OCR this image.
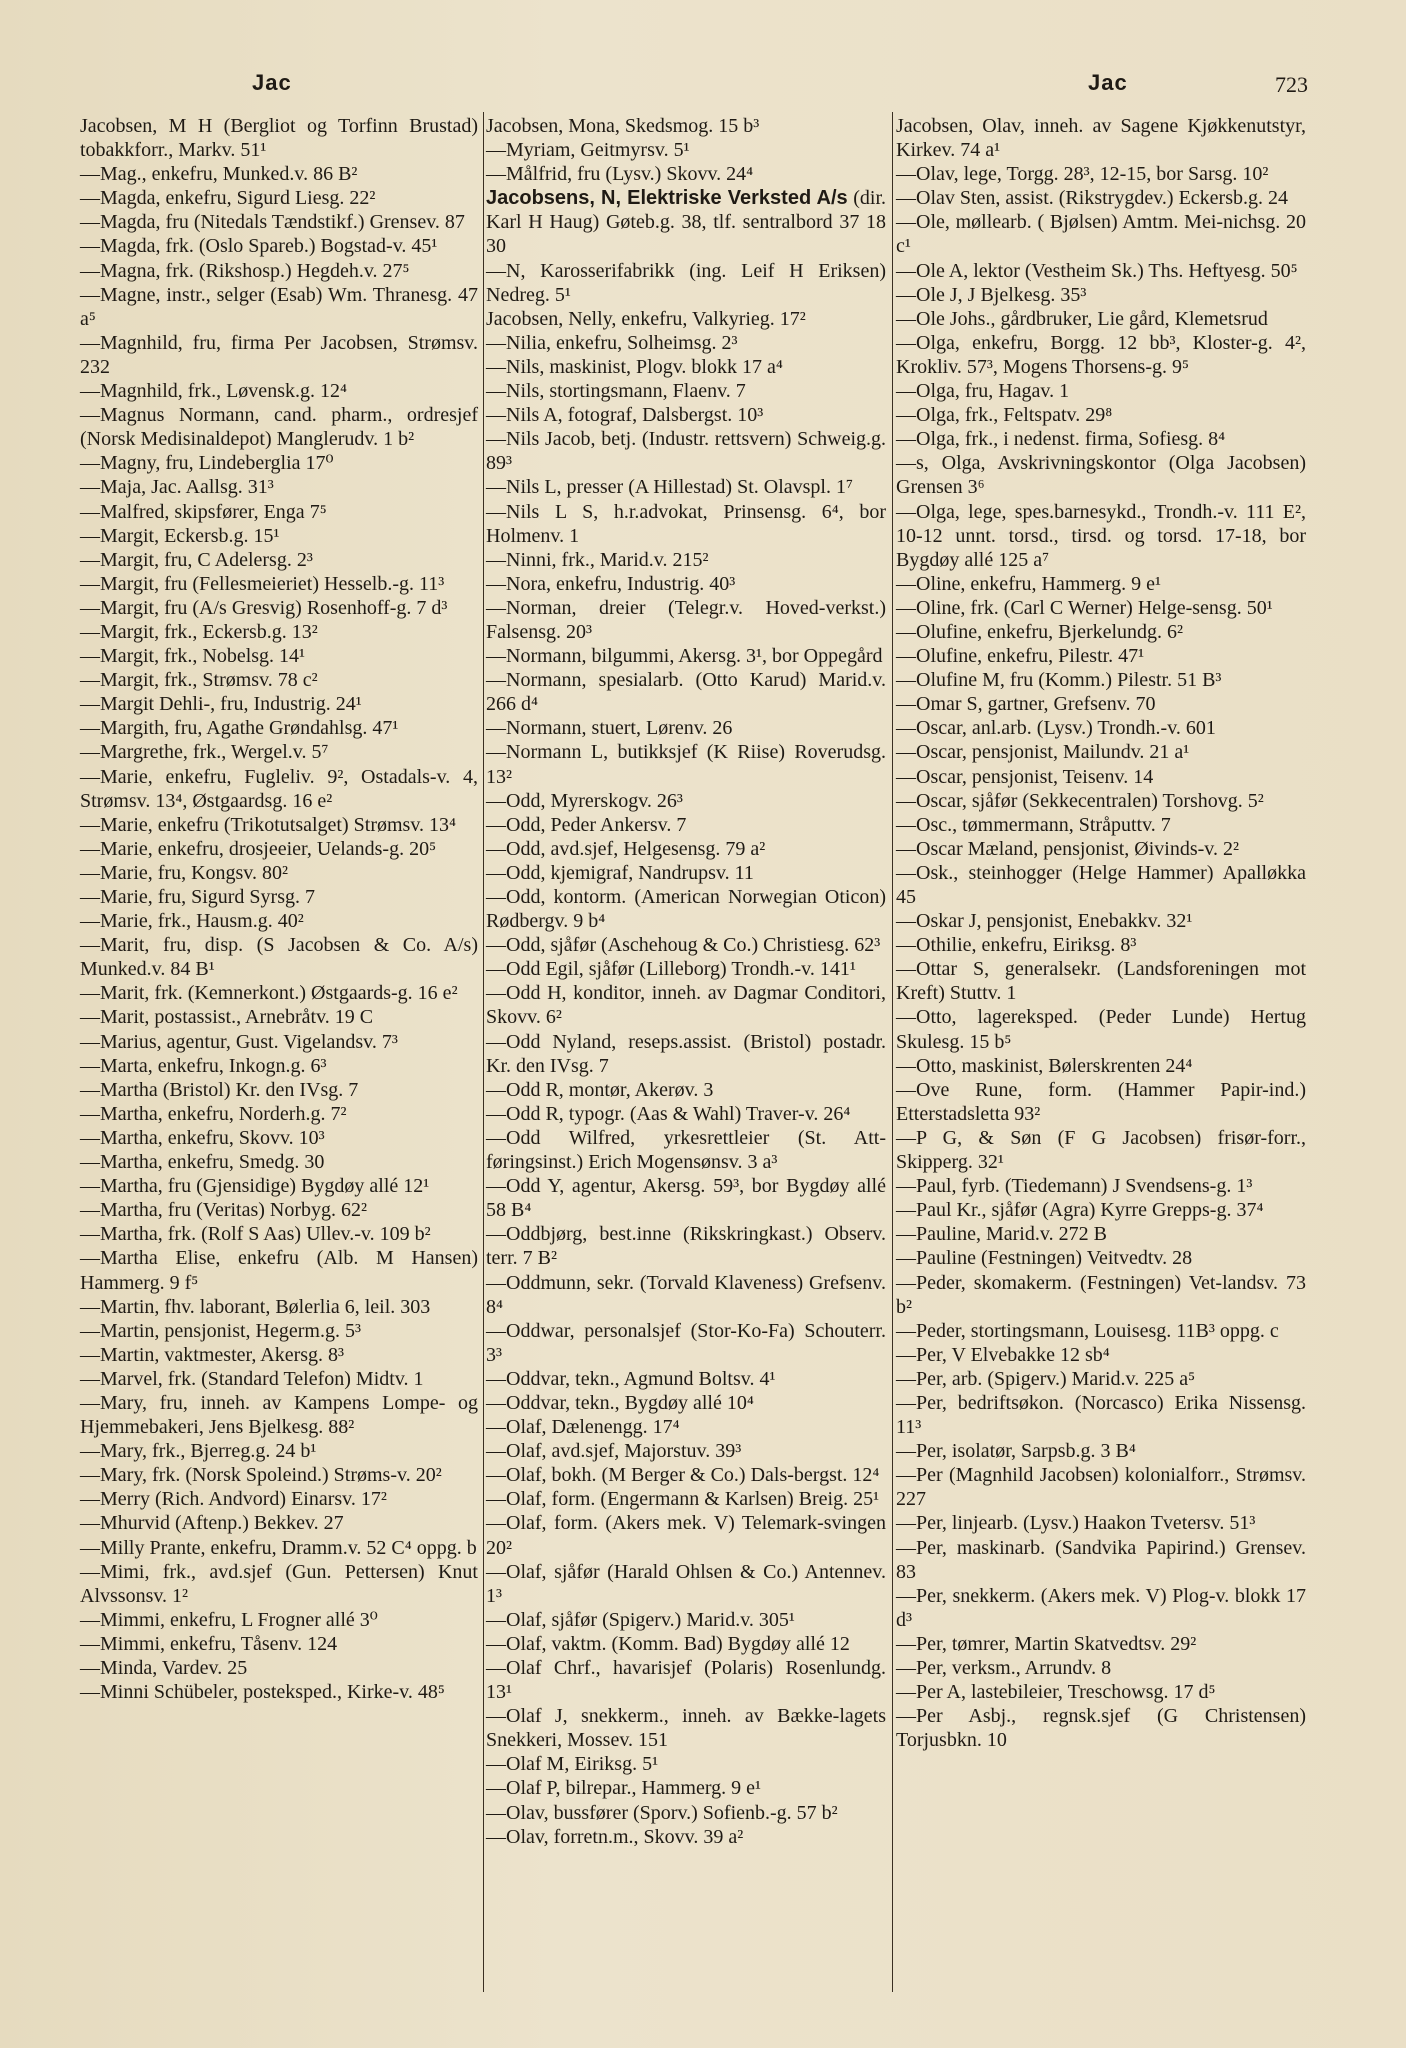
Jac	Jac	723

Jacobsen, M H (Bergliot og Torfinn Brustad) tobakkforr., Markv. 51¹

—Mag., enkefru, Munked.v. 86 B²

—Magda, enkefru, Sigurd Liesg. 22²

—Magda, fru (Nitedals Tændstikf.) Grensev. 87

—Magda, frk. (Oslo Spareb.) Bogstad-v. 45¹

—Magna, frk. (Rikshosp.) Hegdeh.v. 27⁵

—Magne, instr., selger (Esab) Wm. Thranesg. 47 a⁵

—Magnhild, fru, firma Per Jacobsen, Strømsv. 232

—Magnhild, frk., Løvensk.g. 12⁴

—Magnus Normann, cand. pharm., ordresjef (Norsk Medisinaldepot) Manglerudv. 1 b²

—Magny, fru, Lindeberglia 17⁰

—Maja, Jac. Aallsg. 31³

—Malfred, skipsfører, Enga 7⁵

—Margit, Eckersb.g. 15¹

—Margit, fru, C Adelersg. 2³

—Margit, fru (Fellesmeieriet) Hesselb.-g. 11³

—Margit, fru (A/s Gresvig) Rosenhoff-g. 7 d³

—Margit, frk., Eckersb.g. 13²

—Margit, frk., Nobelsg. 14¹

—Margit, frk., Strømsv. 78 c²

—Margit Dehli-, fru, Industrig. 24¹

—Margith, fru, Agathe Grøndahlsg. 47¹

—Margrethe, frk., Wergel.v. 5⁷

—Marie, enkefru, Fugleliv. 9², Ostadals-v. 4, Strømsv. 13⁴, Østgaardsg. 16 e²

—Marie, enkefru (Trikotutsalget) Strømsv. 13⁴

—Marie, enkefru, drosjeeier, Uelands-g. 20⁵

—Marie, fru, Kongsv. 80²

—Marie, fru, Sigurd Syrsg. 7

—Marie, frk., Hausm.g. 40²

—Marit, fru, disp. (S Jacobsen & Co. A/s) Munked.v. 84 B¹

—Marit, frk. (Kemnerkont.) Østgaards-g. 16 e²

—Marit, postassist., Arnebråtv. 19 C

—Marius, agentur, Gust. Vigelandsv. 7³

—Marta, enkefru, Inkogn.g. 6³

—Martha (Bristol) Kr. den IVsg. 7

—Martha, enkefru, Norderh.g. 7²

—Martha, enkefru, Skovv. 10³

—Martha, enkefru, Smedg. 30

—Martha, fru (Gjensidige) Bygdøy allé 12¹

—Martha, fru (Veritas) Norbyg. 62²

—Martha, frk. (Rolf S Aas) Ullev.-v. 109 b²

—Martha Elise, enkefru (Alb. M Hansen) Hammerg. 9 f⁵

—Martin, fhv. laborant, Bølerlia 6, leil. 303

—Martin, pensjonist, Hegerm.g. 5³

—Martin, vaktmester, Akersg. 8³

—Marvel, frk. (Standard Telefon) Midtv. 1

—Mary, fru, inneh. av Kampens Lompe- og Hjemmebakeri, Jens Bjelkesg. 88²

—Mary, frk., Bjerreg.g. 24 b¹

—Mary, frk. (Norsk Spoleind.) Strøms-v. 20²

—Merry (Rich. Andvord) Einarsv. 17²

—Mhurvid (Aftenp.) Bekkev. 27

—Milly Prante, enkefru, Dramm.v. 52 C⁴ oppg. b

—Mimi, frk., avd.sjef (Gun. Pettersen) Knut Alvssonsv. 1²

—Mimmi, enkefru, L Frogner allé 3⁰

—Mimmi, enkefru, Tåsenv. 124

—Minda, Vardev. 25

—Minni Schübeler, posteksped., Kirke-v. 48⁵

Jacobsen, Mona, Skedsmog. 15 b³

—Myriam, Geitmyrsv. 5¹

—Målfrid, fru (Lysv.) Skovv. 24⁴

Jacobsens, N, Elektriske Verksted A/s (dir. Karl H Haug) Gøteb.g. 38, tlf. sentralbord 37 18 30

—N, Karosserifabrikk (ing. Leif H Eriksen) Nedreg. 5¹

Jacobsen, Nelly, enkefru, Valkyrieg. 17²

—Nilia, enkefru, Solheimsg. 2³

—Nils, maskinist, Plogv. blokk 17 a⁴

—Nils, stortingsmann, Flaenv. 7

—Nils A, fotograf, Dalsbergst. 10³

—Nils Jacob, betj. (Industr. rettsvern) Schweig.g. 89³

—Nils L, presser (A Hillestad) St. Olavspl. 1⁷

—Nils L S, h.r.advokat, Prinsensg. 6⁴, bor Holmenv. 1

—Ninni, frk., Marid.v. 215²

—Nora, enkefru, Industrig. 40³

—Norman, dreier (Telegr.v. Hoved-verkst.) Falsensg. 20³

—Normann, bilgummi, Akersg. 3¹, bor Oppegård

—Normann, spesialarb. (Otto Karud) Marid.v. 266 d⁴

—Normann, stuert, Lørenv. 26

—Normann L, butikksjef (K Riise) Roverudsg. 13²

—Odd, Myrerskogv. 26³

—Odd, Peder Ankersv. 7

—Odd, avd.sjef, Helgesensg. 79 a²

—Odd, kjemigraf, Nandrupsv. 11

—Odd, kontorm. (American Norwegian Oticon) Rødbergv. 9 b⁴

—Odd, sjåfør (Aschehoug & Co.) Christiesg. 62³

—Odd Egil, sjåfør (Lilleborg) Trondh.-v. 141¹

—Odd H, konditor, inneh. av Dagmar Conditori, Skovv. 6²

—Odd Nyland, reseps.assist. (Bristol) postadr. Kr. den IVsg. 7

—Odd R, montør, Akerøv. 3

—Odd R, typogr. (Aas & Wahl) Traver-v. 26⁴

—Odd Wilfred, yrkesrettleier (St. Att-føringsinst.) Erich Mogensønsv. 3 a³

—Odd Y, agentur, Akersg. 59³, bor Bygdøy allé 58 B⁴

—Oddbjørg, best.inne (Rikskringkast.) Observ. terr. 7 B²

—Oddmunn, sekr. (Torvald Klaveness) Grefsenv. 8⁴

—Oddwar, personalsjef (Stor-Ko-Fa) Schouterr. 3³

—Oddvar, tekn., Agmund Boltsv. 4¹

—Oddvar, tekn., Bygdøy allé 10⁴

—Olaf, Dælenengg. 17⁴

—Olaf, avd.sjef, Majorstuv. 39³

—Olaf, bokh. (M Berger & Co.) Dals-bergst. 12⁴

—Olaf, form. (Engermann & Karlsen) Breig. 25¹

—Olaf, form. (Akers mek. V) Telemark-svingen 20²

—Olaf, sjåfør (Harald Ohlsen & Co.) Antennev. 1³

—Olaf, sjåfør (Spigerv.) Marid.v. 305¹

—Olaf, vaktm. (Komm. Bad) Bygdøy allé 12

—Olaf Chrf., havarisjef (Polaris) Rosenlundg. 13¹

—Olaf J, snekkerm., inneh. av Bække-lagets Snekkeri, Mossev. 151

—Olaf M, Eiriksg. 5¹

—Olaf P, bilrepar., Hammerg. 9 e¹

—Olav, bussfører (Sporv.) Sofienb.-g. 57 b²

—Olav, forretn.m., Skovv. 39 a²

Jacobsen, Olav, inneh. av Sagene Kjøkkenutstyr, Kirkev. 74 a¹

—Olav, lege, Torgg. 28³, 12-15, bor Sarsg. 10²

—Olav Sten, assist. (Rikstrygdev.) Eckersb.g. 24

—Ole, møllearb. ( Bjølsen) Amtm. Mei-nichsg. 20 c¹

—Ole A, lektor (Vestheim Sk.) Ths. Heftyesg. 50⁵

—Ole J, J Bjelkesg. 35³

—Ole Johs., gårdbruker, Lie gård, Klemetsrud

—Olga, enkefru, Borgg. 12 bb³, Kloster-g. 4², Krokliv. 57³, Mogens Thorsens-g. 9⁵

—Olga, fru, Hagav. 1

—Olga, frk., Feltspatv. 29⁸

—Olga, frk., i nedenst. firma, Sofiesg. 8⁴

—s, Olga, Avskrivningskontor (Olga Jacobsen) Grensen 3⁶

—Olga, lege, spes.barnesykd., Trondh.-v. 111 E², 10-12 unnt. torsd., tirsd. og torsd. 17-18, bor Bygdøy allé 125 a⁷

—Oline, enkefru, Hammerg. 9 e¹

—Oline, frk. (Carl C Werner) Helge-sensg. 50¹

—Olufine, enkefru, Bjerkelundg. 6²

—Olufine, enkefru, Pilestr. 47¹

—Olufine M, fru (Komm.) Pilestr. 51 B³

—Omar S, gartner, Grefsenv. 70

—Oscar, anl.arb. (Lysv.) Trondh.-v. 601

—Oscar, pensjonist, Mailundv. 21 a¹

—Oscar, pensjonist, Teisenv. 14

—Oscar, sjåfør (Sekkecentralen) Torshovg. 5²

—Osc., tømmermann, Stråputtv. 7

—Oscar Mæland, pensjonist, Øivinds-v. 2²

—Osk., steinhogger (Helge Hammer) Apalløkka 45

—Oskar J, pensjonist, Enebakkv. 32¹

—Othilie, enkefru, Eiriksg. 8³

—Ottar S, generalsekr. (Landsforeningen mot Kreft) Stuttv. 1

—Otto, lagereksped. (Peder Lunde) Hertug Skulesg. 15 b⁵

—Otto, maskinist, Bølerskrenten 24⁴

—Ove Rune, form. (Hammer Papir-ind.) Etterstadsletta 93²

—P G, & Søn (F G Jacobsen) frisør-forr., Skipperg. 32¹

—Paul, fyrb. (Tiedemann) J Svendsens-g. 1³

—Paul Kr., sjåfør (Agra) Kyrre Grepps-g. 37⁴

—Pauline, Marid.v. 272 B

—Pauline (Festningen) Veitvedtv. 28

—Peder, skomakerm. (Festningen) Vet-landsv. 73 b²

—Peder, stortingsmann, Louisesg. 11B³ oppg. c

—Per, V Elvebakke 12 sb⁴

—Per, arb. (Spigerv.) Marid.v. 225 a⁵

—Per, bedriftsøkon. (Norcasco) Erika Nissensg. 11³

—Per, isolatør, Sarpsb.g. 3 B⁴

—Per (Magnhild Jacobsen) kolonialforr., Strømsv. 227

—Per, linjearb. (Lysv.) Haakon Tvetersv. 51³

—Per, maskinarb. (Sandvika Papirind.) Grensev. 83

—Per, snekkerm. (Akers mek. V) Plog-v. blokk 17 d³

—Per, tømrer, Martin Skatvedtsv. 29²

—Per, verksm., Arrundv. 8

—Per A, lastebileier, Treschowsg. 17 d⁵

—Per Asbj., regnsk.sjef (G Christensen) Torjusbkn. 10
